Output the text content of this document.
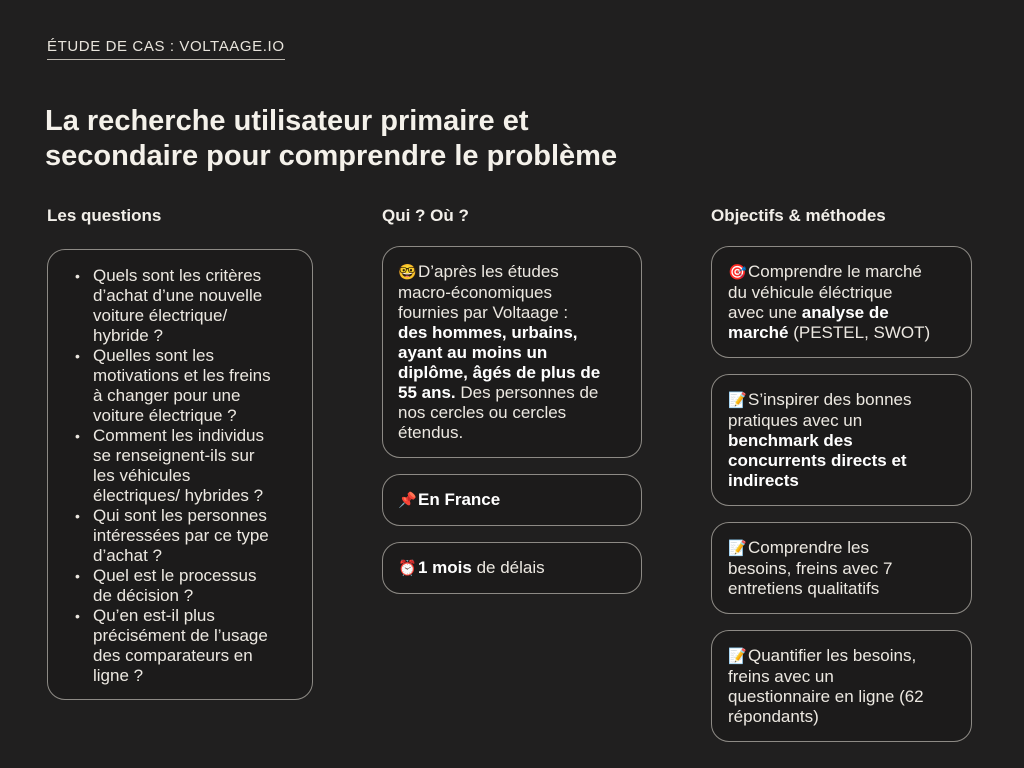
ÉTUDE DE CAS : VOLTAAGE.IO
La recherche utilisateur primaire et
secondaire pour comprendre le problème
Les questions
• Quels sont les critères
d’achat d’une nouvelle
voiture électrique/
hybride ?
• Quelles sont les
motivations et les freins
à changer pour une
voiture électrique ?
• Comment les individus
se renseignent-ils sur
les véhicules
électriques/ hybrides ?
• Qui sont les personnes
intéressées par ce type
d’achat ?
• Quel est le processus
de décision ?
• Qu’en est-il plus
précisément de l’usage
des comparateurs en
ligne ?
Qui ? Où ?
🤓D’après les études
macro-économiques
fournies par Voltaage :
des hommes, urbains,
ayant au moins un
diplôme, âgés de plus de
55 ans. Des personnes de
nos cercles ou cercles
étendus.
📌En France
⏰1 mois de délais
Objectifs & méthodes
🎯Comprendre le marché
du véhicule éléctrique
avec une analyse de
marché (PESTEL, SWOT)
📝S’inspirer des bonnes
pratiques avec un
benchmark des
concurrents directs et
indirects
📝Comprendre les
besoins, freins avec 7
entretiens qualitatifs
📝Quantifier les besoins,
freins avec un
questionnaire en ligne (62
répondants)
